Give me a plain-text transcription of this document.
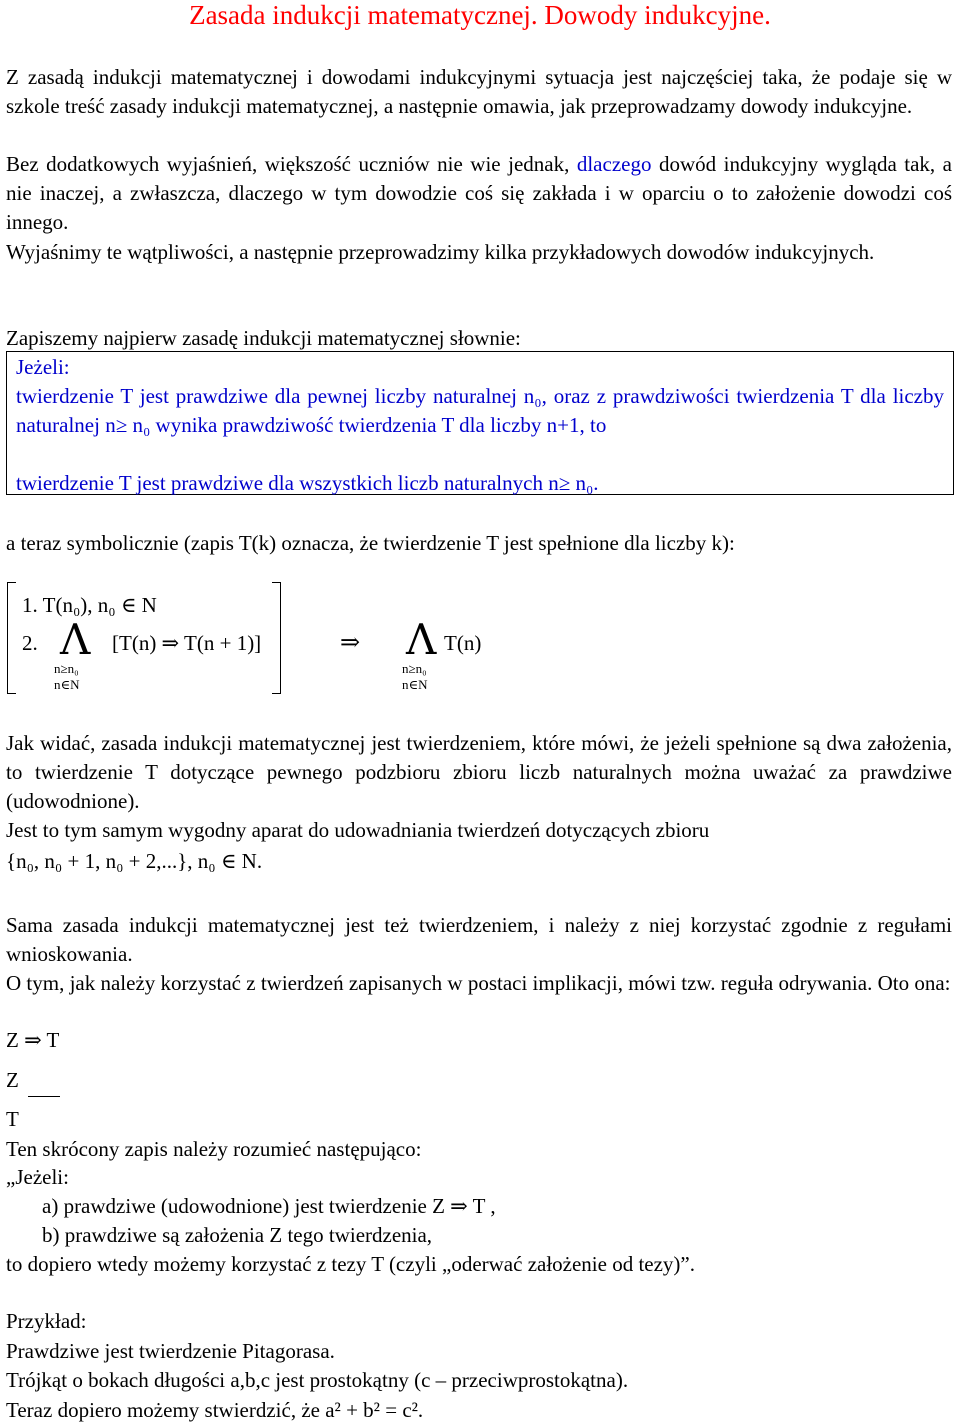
Zasada indukcji matematycznej. Dowody indukcyjne.

Z zasadą indukcji matematycznej i dowodami indukcyjnymi sytuacja jest najczęściej taka, że podaje się w szkole treść zasady indukcji matematycznej, a następnie omawia, jak przeprowadzamy dowody indukcyjne.

Bez dodatkowych wyjaśnień, większość uczniów nie wie jednak, dlaczego dowód indukcyjny wygląda tak, a nie inaczej, a zwłaszcza, dlaczego w tym dowodzie coś się zakłada i w oparciu o to założenie dowodzi coś innego.

Wyjaśnimy te wątpliwości, a następnie przeprowadzimy kilka przykładowych dowodów indukcyjnych.

Zapiszemy najpierw zasadę indukcji matematycznej słownie:

Jeżeli:

twierdzenie T jest prawdziwe dla pewnej liczby naturalnej n₀, oraz z prawdziwości twierdzenia T dla liczby naturalnej n≥ n₀ wynika prawdziwość twierdzenia T dla liczby n+1, to

twierdzenie T jest prawdziwe dla wszystkich liczb naturalnych n≥ n₀.

a teraz symbolicznie (zapis T(k) oznacza, że twierdzenie T jest spełnione dla liczby k):

1. T(n₀), n₀ ∈ N
2. Λ
n≥n₀
n∈N
[T(n) ⇒ T(n + 1)]	⇒ Λ
n≥n₀
n∈N
T(n)

Jak widać, zasada indukcji matematycznej jest twierdzeniem, które mówi, że jeżeli spełnione są dwa założenia, to twierdzenie T dotyczące pewnego podzbioru zbioru liczb naturalnych można uważać za prawdziwe (udowodnione).

Jest to tym samym wygodny aparat do udowadniania twierdzeń dotyczących zbioru

{n₀, n₀ + 1, n₀ + 2,...}, n₀ ∈ N.

Sama zasada indukcji matematycznej jest też twierdzeniem, i należy z niej korzystać zgodnie z regułami wnioskowania.

O tym, jak należy korzystać z twierdzeń zapisanych w postaci implikacji, mówi tzw. reguła odrywania. Oto ona:

Z ⇒ T

Z

T

Ten skrócony zapis należy rozumieć następująco:

„Jeżeli:

a) prawdziwe (udowodnione) jest twierdzenie Z ⇒ T ,

b) prawdziwe są założenia Z tego twierdzenia,

to dopiero wtedy możemy korzystać z tezy T (czyli „oderwać założenie od tezy)”.

Przykład:

Prawdziwe jest twierdzenie Pitagorasa.

Trójkąt o bokach długości a,b,c jest prostokątny (c – przeciwprostokątna).

Teraz dopiero możemy stwierdzić, że a² + b² = c².
